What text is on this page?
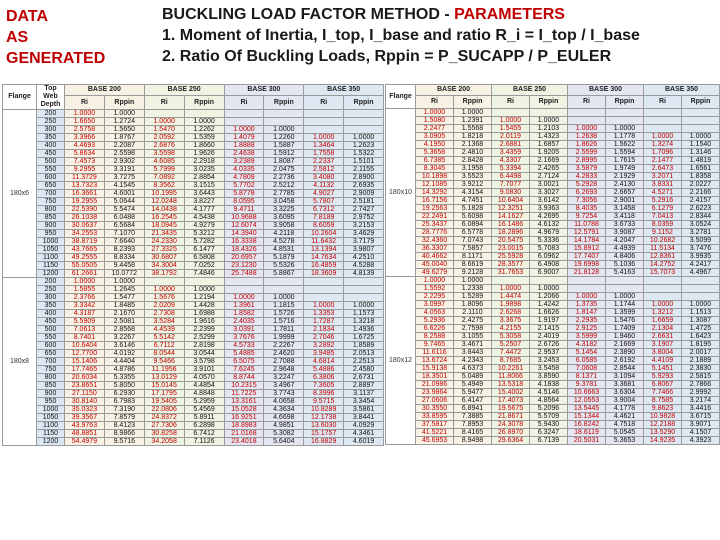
DATA
AS
GENERATED
BUCKLING LOAD FACTOR METHOD - PARAMETERS
1. Moment of Inertia, I_top, I_base and ratio R_i = I_top / I_base
2. Ratio Of Buckling Loads, Rppin = P_SUCAPP / P_EULER
Flange	Top Web Depth	BASE 200		BASE 250		BASE 300		BASE 350	
		Ri	Rppin	Ri	Rppin	Ri	Rppin	Ri	Rppin
180x6	200	1.0000	1.0000						
	250	1.6650	1.2724	1.0000	1.0000				
	300	2.5758	1.5650	1.5470	1.2262	1.0000	1.0000		
	350	3.3966	1.8767	2.0592	1.5359	1.4079	1.2260	1.0000	1.0000
	400	4.4693	2.2087	2.6876	1.8660	1.8888	1.5887	1.3464	1.2623
	450	5.8634	2.5598	3.5598	1.9626	2.4638	1.5912	1.7558	1.5322
	500	7.4573	2.9302	4.6085	2.2918	3.2389	1.8087	2.2337	1.5101
	550	9.2955	3.3191	5.7999	3.0235	4.0335	2.0475	2.5812	2.1155
	600	11.3729	3.7275	7.0892	2.8854	4.7809	2.2736	3.4080	2.8900
	650	13.7323	4.1545	8.3562	3.1515	5.7702	2.5212	4.1132	2.6935
	700	16.3661	4.6001	10.1995	3.6443	5.8778	2.7785	4.9027	2.9009
	750	19.2955	5.0644	12.0248	3.8227	8.0595	3.0458	5.7807	2.5181
	800	22.5390	5.5474	14.0438	4.1777	9.4711	3.3225	6.7312	2.7427
	850	26.1038	6.0488	16.2545	4.5438	10.9688	3.6095	7.8189	2.9752
	900	30.0637	6.5684	18.0945	4.9279	12.6074	3.9058	8.6059	3.2153
	950	34.2553	7.1070	21.3435	5.3212	14.3940	4.2118	10.2604	3.4629
	1000	38.8719	7.6640	24.2330	5.7282	16.3338	4.5278	11.6432	3.7179
	1050	43.7665	8.2393	27.3325	6.1477	18.4326	4.8531	13.1394	3.9807
	1100	49.2555	8.8334	30.6807	6.5808	20.6957	5.1879	14.7634	4.2510
	1150	55.0505	9.4458	34.3004	7.0252	23.1230	5.5326	16.4859	4.5288
	1200	61.2661	10.0772	38.1792	7.4846	25.7488	5.8867	18.3609	4.8139
180x8	200	1.0000	1.0000						
	250	1.5855	1.2645	1.0000	1.0000				
	300	2.3766	1.5477	1.5676	1.2194	1.0000	1.0000		
	350	3.3342	1.8485	2.0209	1.4428	1.3961	1.1815	1.0000	1.0000
	400	4.3187	2.1670	2.7308	1.6988	1.8582	1.5726	1.3353	1.1573
	450	5.5909	2.5081	3.5284	1.9616	2.4035	1.5716	1.7287	1.3218
	500	7.0613	2.8568	4.4539	2.2399	3.0391	1.7811	2.1834	1.4936
	550	8.7401	3.2267	5.5142	2.5299	3.7676	1.9999	2.7046	1.6725
	600	10.6404	3.6146	6.7112	2.8198	4.5733	2.2267	3.2892	1.8589
	650	12.7700	4.0192	8.0544	3.0544	5.4885	2.4620	3.9485	2.0513
	700	15.1406	4.4404	9.5466	3.5798	6.5075	2.7088	4.6814	2.2513
	750	17.7465	4.8786	11.1956	3.9101	7.6245	2.9648	5.4886	2.4580
	800	20.6034	5.3355	13.0129	4.0570	8.8744	3.2247	6.3806	2.6731
	850	23.8651	5.8050	15.0145	4.4854	10.2315	3.4967	7.3605	2.8897
	900	27.1150	6.2930	17.1795	4.8848	11.7225	3.7743	8.3996	3.1137
	950	30.8140	6.7983	19.5405	5.2959	13.3161	4.0658	9.5715	3.3454
	1000	35.0323	7.3190	22.0806	5.4569	15.0528	4.3634	10.8289	3.5861
	1050	39.3567	7.8579	24.8372	5.8911	16.9251	4.6698	12.1738	3.8441
	1100	43.9763	8.4123	27.7306	6.2898	18.8983	4.9851	13.6030	4.0929
	1150	48.8851	8.9866	30.8258	6.7412	21.0168	5.3082	15.1757	4.3461
	1200	54.4979	9.5716	34.2058	7.1126	23.4018	5.6404	16.8829	4.6019
Flange	BASE 200		BASE 250		BASE 300		BASE 350	
	Ri	Rppin	Ri	Rppin	Ri	Rppin	Ri	Rppin
180x10	1.0000	1.0000						
	1.5080	1.2391	1.0000	1.0000				
	2.2477	1.5568	1.5455	1.2103	1.0000	1.0000		
	3.0905	1.8218	2.0119	1.4323	1.2638	1.1778	1.0000	1.0000
	4.1950	2.1368	2.6881	1.6857	1.8626	1.5622	1.3274	1.1540
	5.3658	2.4810	3.4359	1.9205	2.5599	1.5594	1.7096	1.3146
	6.7385	2.8428	4.3307	2.1669	2.8995	1.7615	2.1477	1.4819
	8.3045	3.1958	5.3394	2.4265	3.5879	1.9749	2.6473	1.6561
	10.1898	3.5523	6.4498	2.7124	4.2833	2.1929	3.2071	1.8358
	12.1085	3.9212	7.7077	3.0021	5.2928	2.4130	3.8331	2.0227
	14.3292	4.3154	9.0830	3.3027	6.2693	2.6657	4.5271	2.2166
	16.7156	4.7451	10.6404	3.6142	7.3056	2.9001	5.2916	2.4157
	19.2563	5.1828	12.3251	3.9363	8.4035	3.1458	6.1279	2.6223
	22.2491	5.6098	14.1627	4.2695	9.7254	3.4118	7.0413	2.8344
	25.3437	6.0894	16.1486	4.6132	11.0788	3.6733	8.0359	3.0524
	28.7776	6.5778	18.2896	4.9679	12.5791	3.9087	9.1152	3.2781
	32.4360	7.0743	20.5475	5.3336	14.1784	4.2047	10.2682	3.5099
	36.3307	7.5857	23.0015	5.7083	15.8912	4.4939	11.5134	3.7476
	40.4662	8.1171	25.5928	6.0962	17.7407	4.8406	12.8361	3.9935
	45.0040	8.6619	28.3577	6.4908	19.6998	5.1036	14.2752	4.2417
	49.6279	9.2128	31.7653	6.9007	21.8128	5.4163	15.7073	4.4967
180x12	1.0000	1.0000						
	1.5592	1.2338	1.0000	1.0000				
	2.2295	1.5289	1.4474	1.2066	1.0000	1.0000		
	3.0997	1.8096	1.9898	1.4242	1.3735	1.1744	1.0000	1.0000
	4.0563	2.1110	2.6268	1.6626	1.8147	1.3599	1.3212	1.1513
	5.2936	2.4275	3.3675	1.9197	2.2935	1.5476	1.6659	1.3087
	6.6226	2.7598	4.2155	2.1415	2.9125	1.7409	2.1304	1.4725
	8.2588	3.1055	5.3058	2.4019	3.5999	1.9460	2.6631	1.6423
	9.7465	3.4671	5.2507	2.6726	4.3182	2.1669	3.1907	1.8195
	11.6116	3.8443	7.4472	2.9537	5.1454	2.3890	3.8004	2.0017
	13.6724	4.2343	8.7685	3.2453	6.0585	2.6192	4.4109	2.1889
	15.9138	4.6373	10.2261	3.5458	7.0608	2.8544	5.1451	2.3830
	18.3501	5.0489	11.8066	3.8590	8.1371	3.1094	5.9293	2.5815
	21.0986	5.4949	13.5318	4.1838	9.3781	3.3681	6.8067	2.7866
	23.9864	5.9477	15.4002	4.5146	10.6663	3.6304	7.7466	2.9992
	27.0606	6.4147	17.4073	4.8564	12.0553	3.9004	8.7585	3.2174
	30.3550	6.8941	19.5675	5.2096	13.5445	4.1778	9.8623	3.4416
	33.8595	7.3885	21.8671	5.5709	15.1344	4.4621	10.9828	3.6715
	37.5817	7.8953	24.3078	5.9430	16.8242	4.7518	12.2188	3.9071
	41.5221	8.4165	26.8970	6.3247	18.6119	5.0545	13.5290	4.1507
	45.6953	8.9498	29.6364	6.7139	20.5031	5.3653	14.9235	4.3923
